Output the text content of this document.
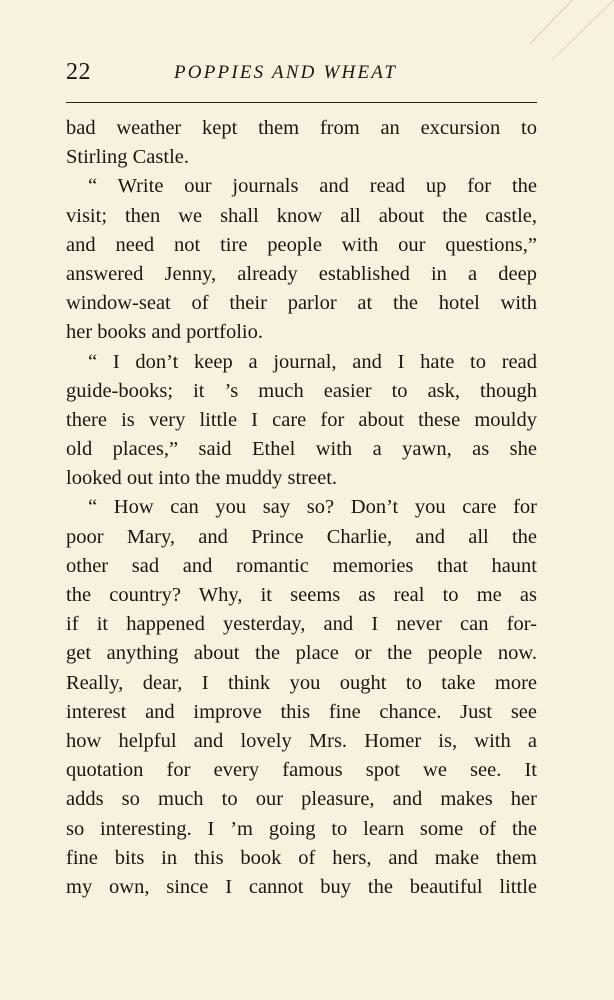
22	POPPIES AND WHEAT
bad weather kept them from an excursion to
Stirling Castle.
“ Write our journals and read up for the
visit; then we shall know all about the castle,
and need not tire people with our questions,”
answered Jenny, already established in a deep
window-seat of their parlor at the hotel with
her books and portfolio.
“ I don’t keep a journal, and I hate to read
guide-books; it ’s much easier to ask, though
there is very little I care for about these mouldy
old places,” said Ethel with a yawn, as she
looked out into the muddy street.
“ How can you say so? Don’t you care for
poor Mary, and Prince Charlie, and all the
other sad and romantic memories that haunt
the country? Why, it seems as real to me as
if it happened yesterday, and I never can for-
get anything about the place or the people now.
Really, dear, I think you ought to take more
interest and improve this fine chance. Just see
how helpful and lovely Mrs. Homer is, with a
quotation for every famous spot we see. It
adds so much to our pleasure, and makes her
so interesting. I ’m going to learn some of the
fine bits in this book of hers, and make them
my own, since I cannot buy the beautiful little
